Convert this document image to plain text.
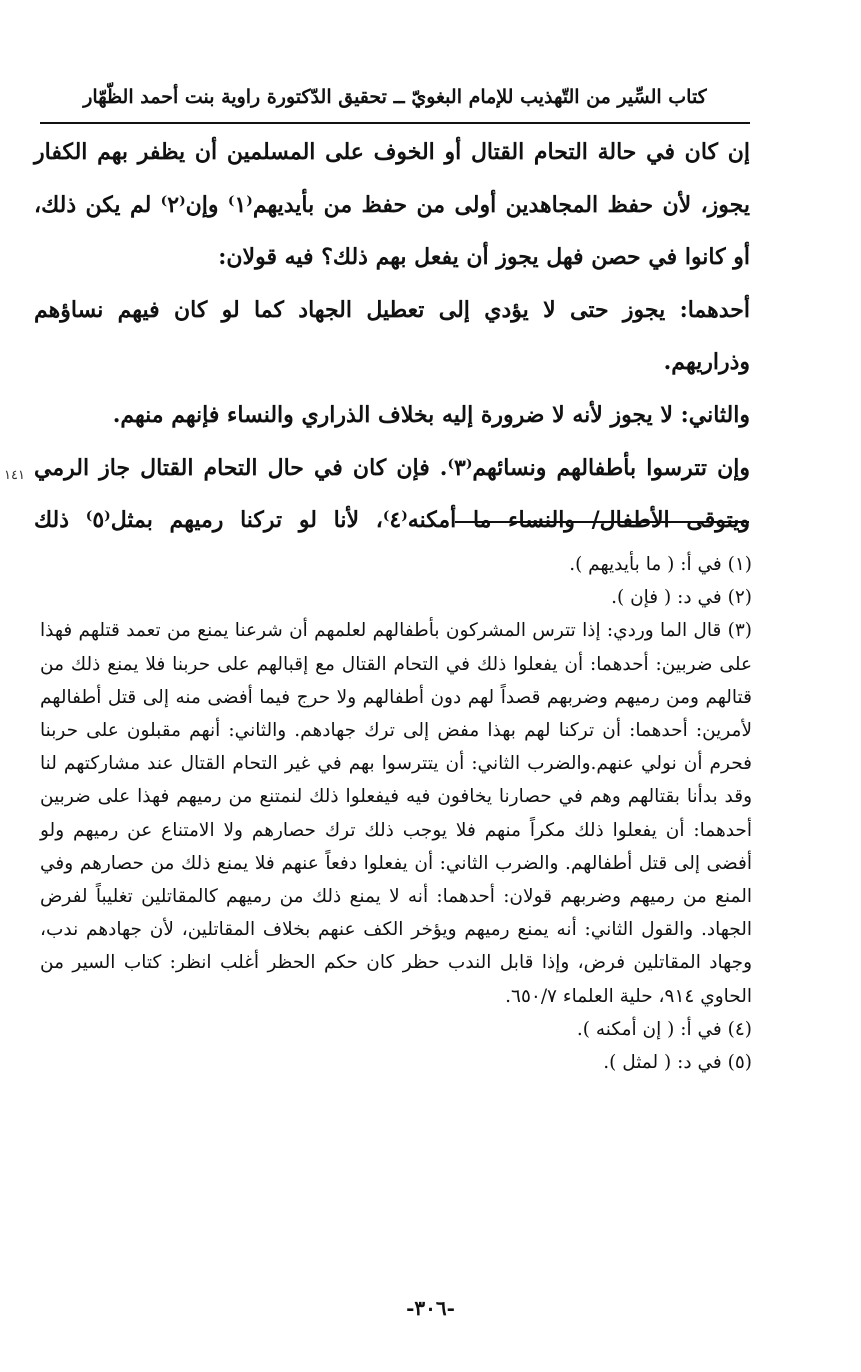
كتاب السِّير من التّهذيب للإمام البغويّ ــ تحقيق الدّكتورة راوية بنت أحمد الظّهّار

إن كان في حالة التحام القتال أو الخوف على المسلمين أن يظفر بهم الكفار يجوز، لأن حفظ المجاهدين أولى من حفظ من بأيديهم⁽١⁾ وإن⁽٢⁾ لم يكن ذلك، أو كانوا في حصن فهل يجوز أن يفعل بهم ذلك؟ فيه قولان:

أحدهما: يجوز حتى لا يؤدي إلى تعطيل الجهاد كما لو كان فيهم نساؤهم وذراريهم.

والثاني: لا يجوز لأنه لا ضرورة إليه بخلاف الذراري والنساء فإنهم منهم.

وإن تترسوا بأطفالهم ونسائهم⁽٣⁾. فإن كان في حال التحام القتال جاز الرمي ويتوقى الأطفال/ والنساء ما أمكنه⁽٤⁾، لأنا لو تركنا رميهم بمثل⁽٥⁾ ذلك

١٤١

(١) في أ: ( ما بأيديهم ).

(٢) في د: ( فإن ).

(٣) قال الما وردي: إذا تترس المشركون بأطفالهم لعلمهم أن شرعنا يمنع من تعمد قتلهم فهذا على ضربين: أحدهما: أن يفعلوا ذلك في التحام القتال مع إقبالهم على حربنا فلا يمنع ذلك من قتالهم ومن رميهم وضربهم قصداً لهم دون أطفالهم ولا حرج فيما أفضى منه إلى قتل أطفالهم لأمرين: أحدهما: أن تركنا لهم بهذا مفض إلى ترك جهادهم. والثاني: أنهم مقبلون على حربنا فحرم أن نولي عنهم.والضرب الثاني: أن يتترسوا بهم في غير التحام القتال عند مشاركتهم لنا وقد بدأنا بقتالهم وهم في حصارنا يخافون فيه فيفعلوا ذلك لنمتنع من رميهم فهذا على ضربين أحدهما: أن يفعلوا ذلك مكراً منهم فلا يوجب ذلك ترك حصارهم ولا الامتناع عن رميهم ولو أفضى إلى قتل أطفالهم. والضرب الثاني: أن يفعلوا دفعاً عنهم فلا يمنع ذلك من حصارهم وفي المنع من رميهم وضربهم قولان: أحدهما: أنه لا يمنع ذلك من رميهم كالمقاتلين تغليباً لفرض الجهاد. والقول الثاني: أنه يمنع رميهم ويؤخر الكف عنهم بخلاف المقاتلين، لأن جهادهم ندب، وجهاد المقاتلين فرض، وإذا قابل الندب حظر كان حكم الحظر أغلب انظر: كتاب السير من الحاوي ٩١٤، حلية العلماء ٦٥٠/٧.

(٤) في أ: ( إن أمكنه ).

(٥) في د: ( لمثل ).

-٣٠٦-
